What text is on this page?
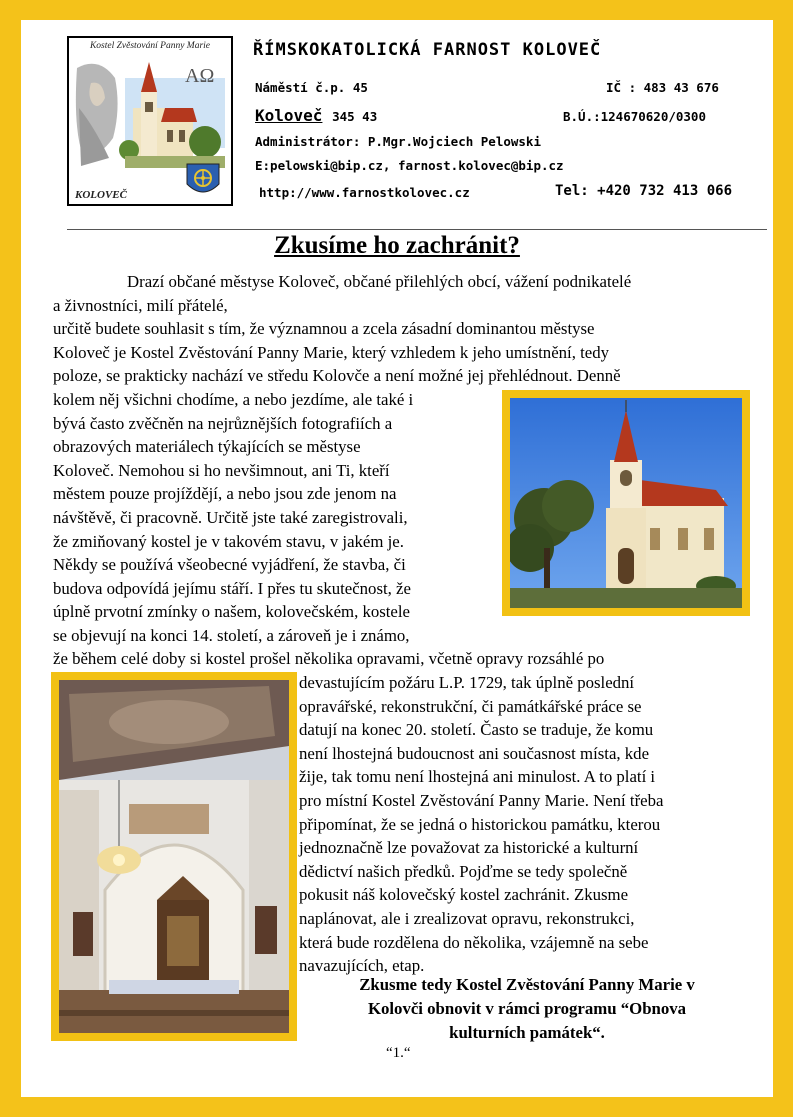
AΩ
Kostel Zvěstování Panny Marie
KOLOVEČ
ŘÍMSKOKATOLICKÁ FARNOST KOLOVEČ
Náměstí č.p. 45	IČ : 483 43 676
Koloveč 345 43	B.Ú.:124670620/0300
Administrátor: P.Mgr.Wojciech Pelowski
E:pelowski@bip.cz, farnost.kolovec@bip.cz
http://www.farnostkolovec.cz	Tel: +420 732 413 066
Zkusíme ho zachránit?
Drazí občané městyse Koloveč, občané přilehlých obcí, vážení podnikatelé
a živnostníci, milí přátelé,
určitě budete souhlasit s tím, že významnou a zcela zásadní dominantou městyse
Koloveč je Kostel Zvěstování Panny Marie, který vzhledem k jeho umístnění, tedy
poloze, se prakticky nachází ve středu Kolovče a není možné jej přehlédnout. Denně
kolem něj všichni chodíme, a nebo jezdíme, ale také i
bývá často zvěčněn na nejrůznějších fotografiích a
obrazových materiálech týkajících se městyse
Koloveč. Nemohou si ho nevšimnout, ani Ti, kteří
městem pouze projíždějí, a nebo jsou zde jenom na
návštěvě, či pracovně. Určitě jste také zaregistrovali,
že zmiňovaný kostel je v takovém stavu, v jakém je.
Někdy se používá všeobecné vyjádření, že stavba, či
budova odpovídá jejímu stáří. I přes tu skutečnost, že
úplně prvotní zmínky o našem, kolovečském, kostele
se objevují na konci 14. století, a zároveň je i známo,
že během celé doby si kostel prošel několika opravami, včetně opravy rozsáhlé po
devastujícím požáru L.P. 1729, tak úplně poslední
opravářské, rekonstrukční, či památkářské práce se
datují na konec 20. století. Často se traduje, že komu
není lhostejná budoucnost ani současnost místa, kde
žije, tak tomu není lhostejná ani minulost. A to platí i
pro místní Kostel Zvěstování Panny Marie. Není třeba
připomínat, že se jedná o historickou památku, kterou
jednoznačně lze považovat za historické a kulturní
dědictví našich předků. Pojďme se tedy společně
pokusit náš kolovečský kostel zachránit. Zkusme
naplánovat, ale i zrealizovat opravu, rekonstrukci,
která bude rozdělena do několika, vzájemně na sebe
navazujících, etap.
Zkusme tedy Kostel Zvěstování Panny Marie v
Kolovči obnovit v rámci programu “Obnova
kulturních památek“.
“1.“
